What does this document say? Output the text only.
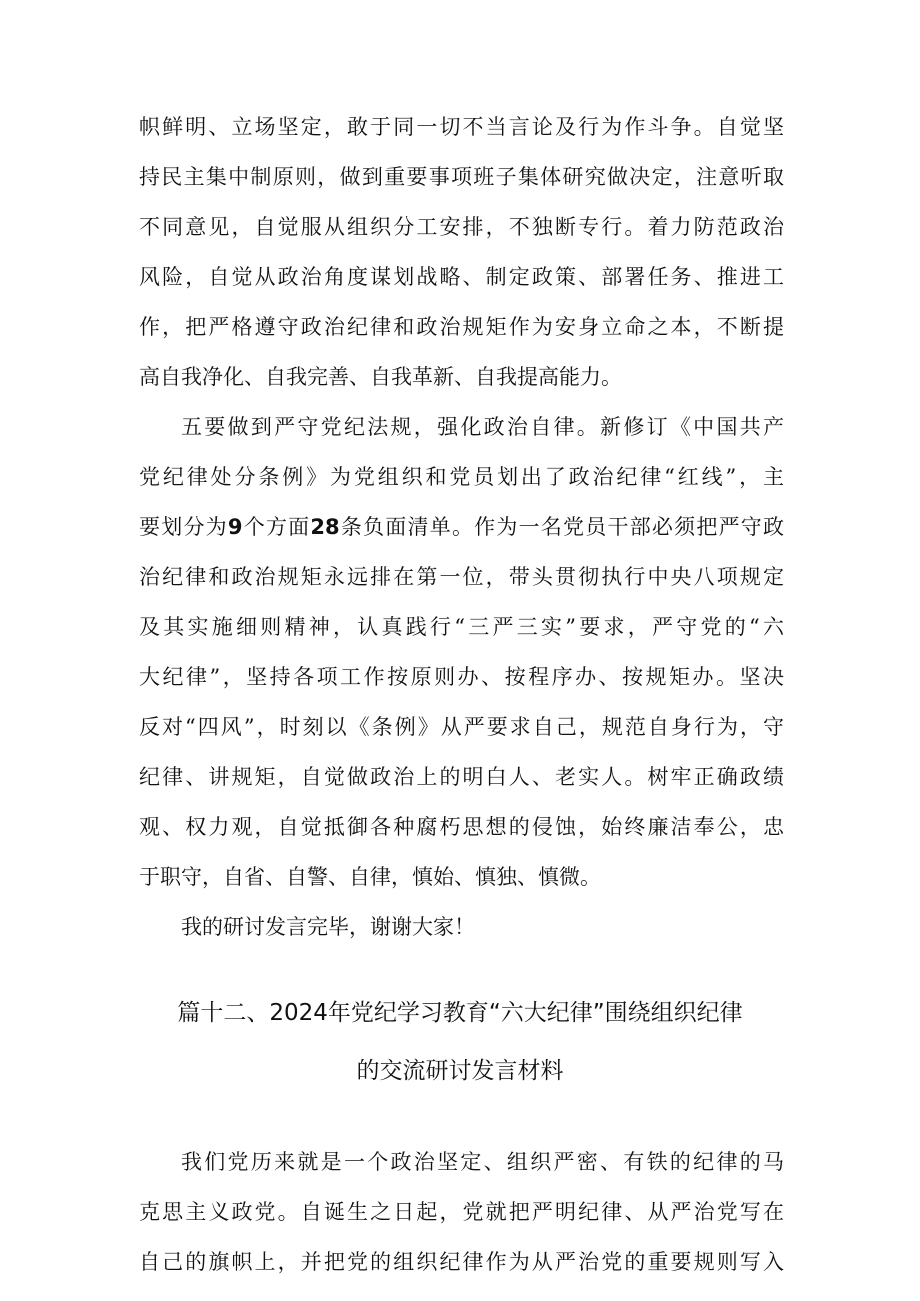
帜鲜明、立场坚定，敢于同一切不当言论及行为作斗争。自觉坚
持民主集中制原则，做到重要事项班子集体研究做决定，注意听取
不同意见，自觉服从组织分工安排，不独断专行。着力防范政治
风险，自觉从政治角度谋划战略、制定政策、部署任务、推进工
作，把严格遵守政治纪律和政治规矩作为安身立命之本，不断提
高自我净化、自我完善、自我革新、自我提高能力。
五要做到严守党纪法规，强化政治自律。新修订《中国共产
党纪律处分条例》为党组织和党员划出了政治纪律“红线”，主
要划分为9个方面28条负面清单。作为一名党员干部必须把严守政
治纪律和政治规矩永远排在第一位，带头贯彻执行中央八项规定
及其实施细则精神，认真践行“三严三实”要求，严守党的“六
大纪律”，坚持各项工作按原则办、按程序办、按规矩办。坚决
反对“四风”，时刻以《条例》从严要求自己，规范自身行为，守
纪律、讲规矩，自觉做政治上的明白人、老实人。树牢正确政绩
观、权力观，自觉抵御各种腐朽思想的侵蚀，始终廉洁奉公，忠
于职守，自省、自警、自律，慎始、慎独、慎微。
我的研讨发言完毕，谢谢大家！
篇十二、2024年党纪学习教育“六大纪律”围绕组织纪律
的交流研讨发言材料
我们党历来就是一个政治坚定、组织严密、有铁的纪律的马
克思主义政党。自诞生之日起，党就把严明纪律、从严治党写在
自己的旗帜上，并把党的组织纪律作为从严治党的重要规则写入
